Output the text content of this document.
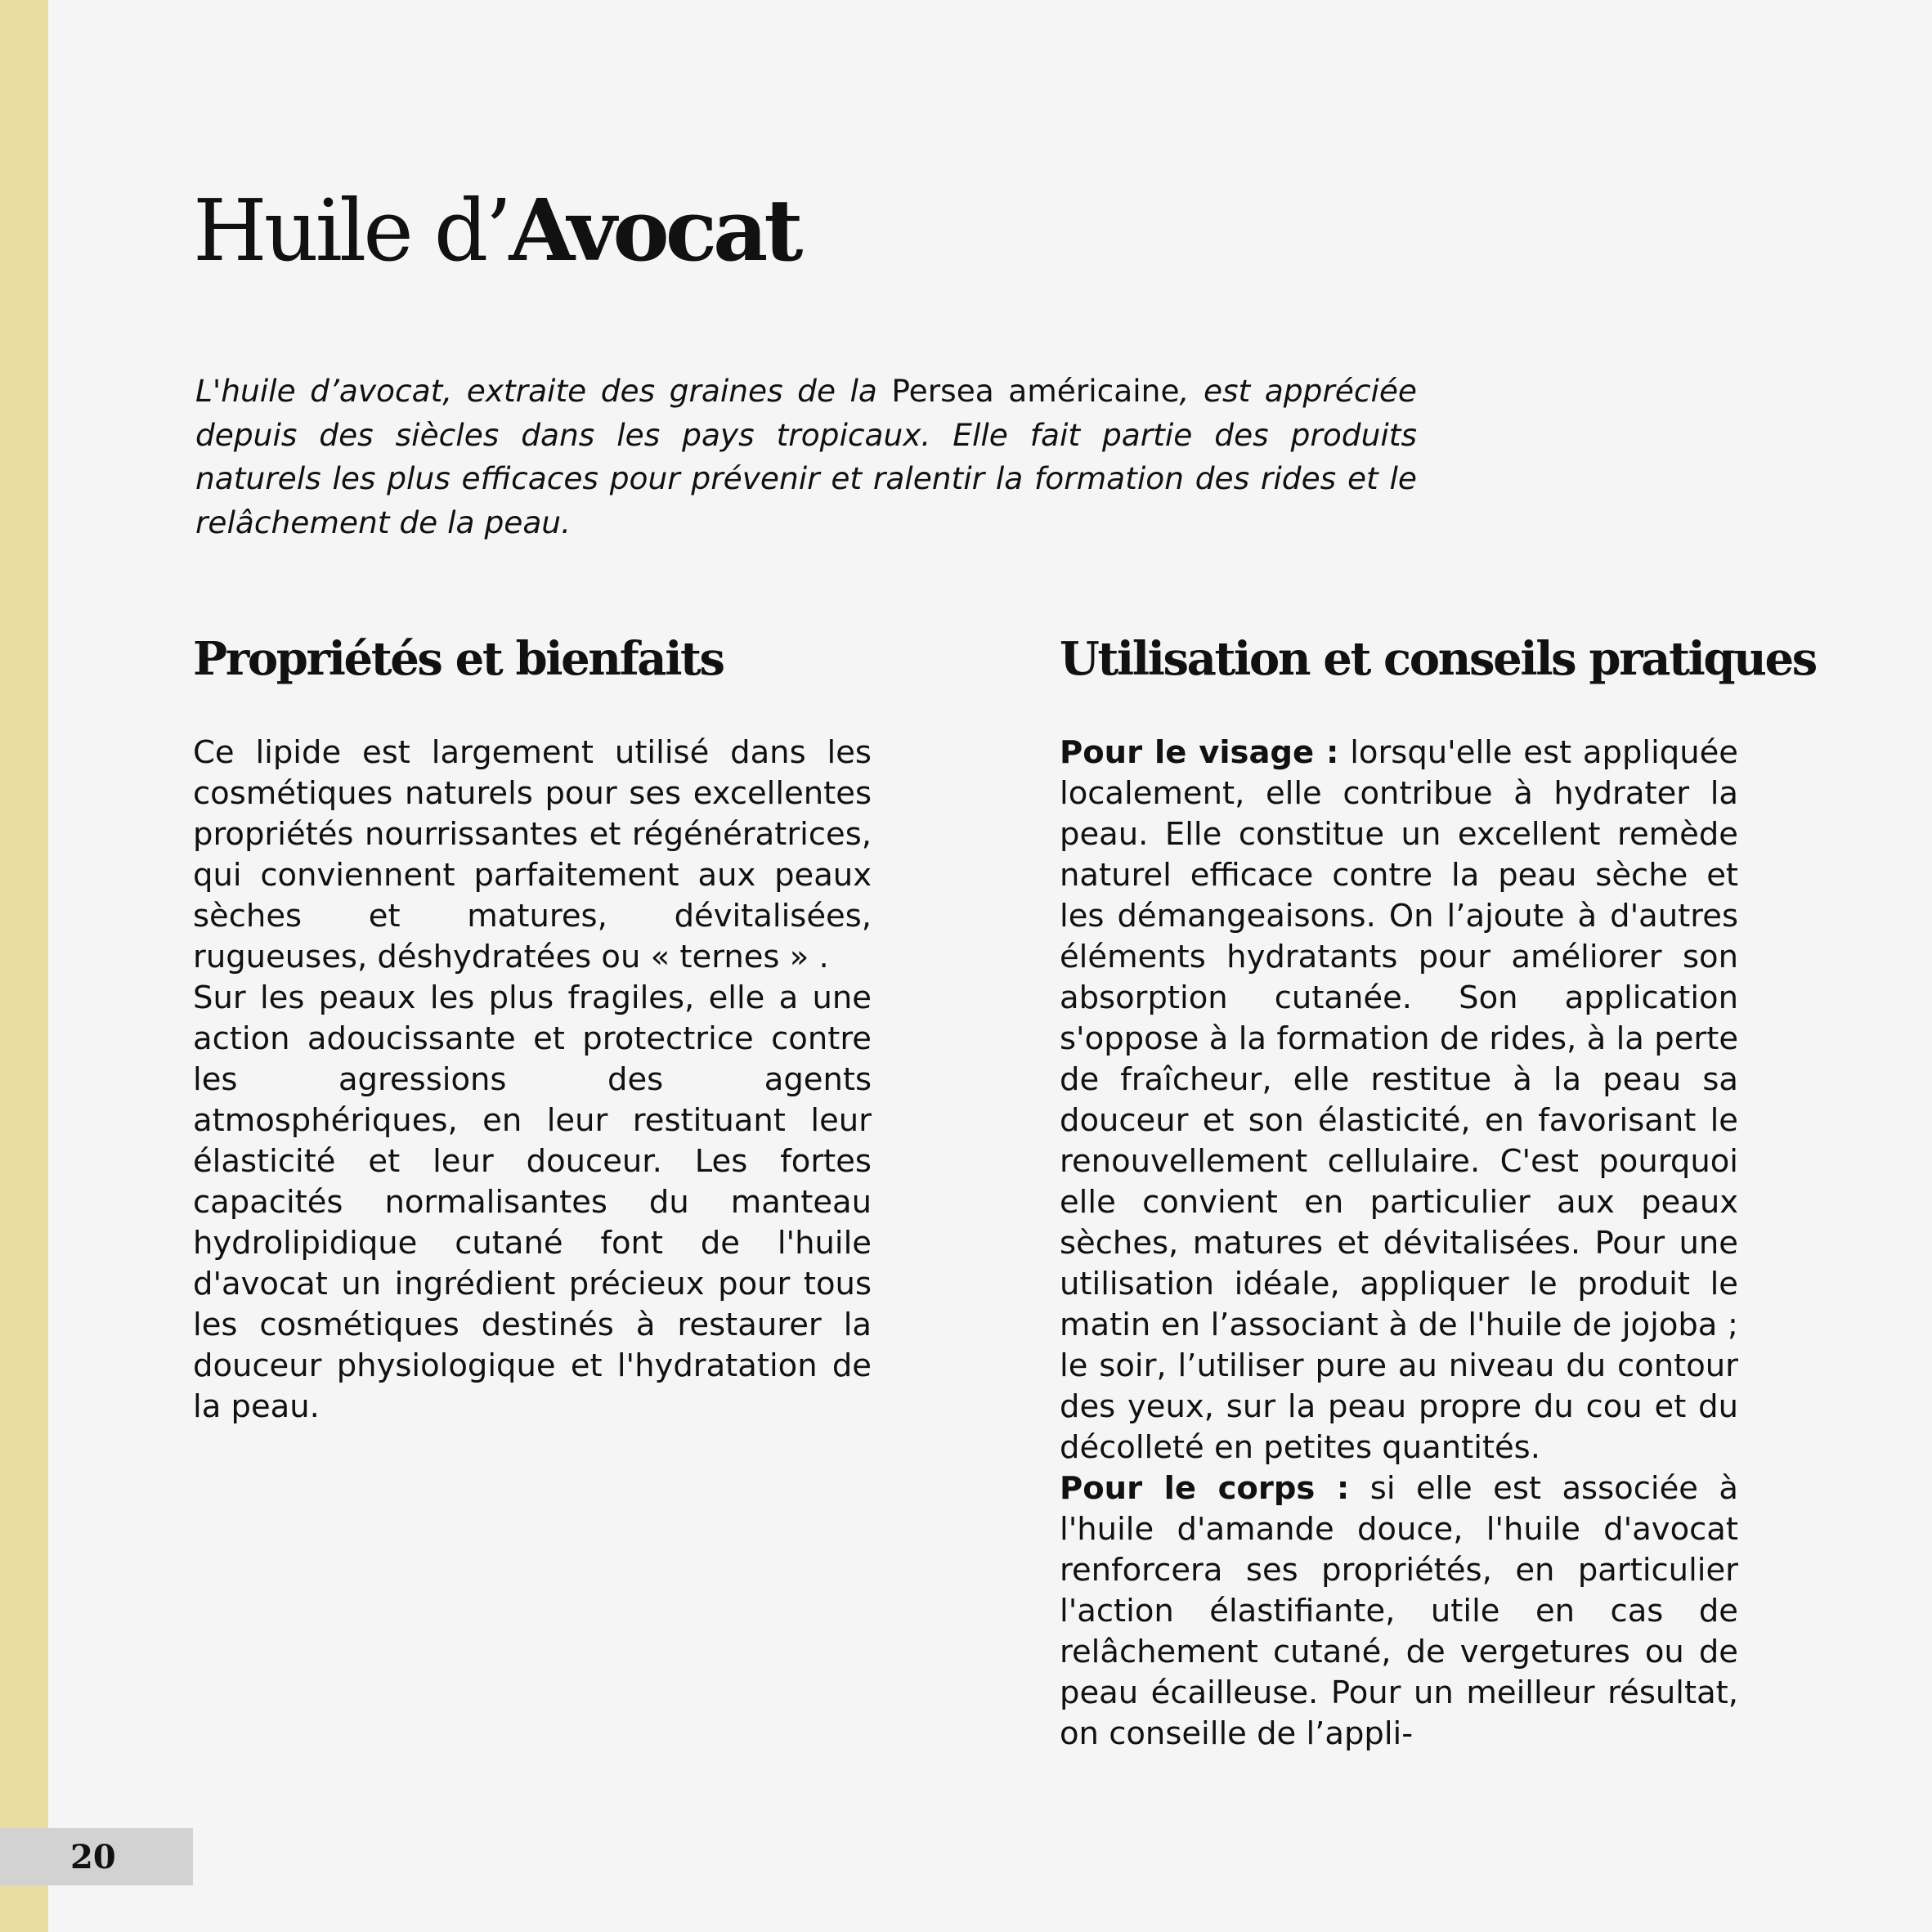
Huile d’Avocat

L'huile d’avocat, extraite des graines de la Persea américaine, est appréciée depuis des siècles dans les pays tropicaux. Elle fait partie des produits naturels les plus efficaces pour prévenir et ralentir la formation des rides et le relâchement de la peau.

Propriétés et bienfaits

Ce lipide est largement utilisé dans les cosmétiques naturels pour ses excellentes propriétés nourrissantes et régénératrices, qui conviennent parfaitement aux peaux sèches et matures, dévitalisées, rugueuses, déshydratées ou « ternes » .

Sur les peaux les plus fragiles, elle a une action adoucissante et protectrice contre les agressions des agents atmosphériques, en leur restituant leur élasticité et leur douceur. Les fortes capacités normalisantes du manteau hydrolipidique cutané font de l'huile d'avocat un ingrédient précieux pour tous les cosmétiques destinés à restaurer la douceur physiologique et l'hydratation de la peau.

Utilisation et conseils pratiques

Pour le visage : lorsqu'elle est appliquée localement, elle contribue à hydrater la peau. Elle constitue un excellent remède naturel efficace contre la peau sèche et les démangeaisons. On l’ajoute à d'autres éléments hydratants pour améliorer son absorption cutanée. Son application s'oppose à la formation de rides, à la perte de fraîcheur, elle restitue à la peau sa douceur et son élasticité, en favorisant le renouvellement cellulaire. C'est pourquoi elle convient en particulier aux peaux sèches, matures et dévitalisées. Pour une utilisation idéale, appliquer le produit le matin en l’associant à de l'huile de jojoba ; le soir, l’utiliser pure au niveau du contour des yeux, sur la peau propre du cou et du décolleté en petites quantités.

Pour le corps : si elle est associée à l'huile d'amande douce, l'huile d'avocat renforcera ses propriétés, en particulier l'action élastifiante, utile en cas de relâchement cutané, de vergetures ou de peau écailleuse. Pour un meilleur résultat, on conseille de l’appli-

20
